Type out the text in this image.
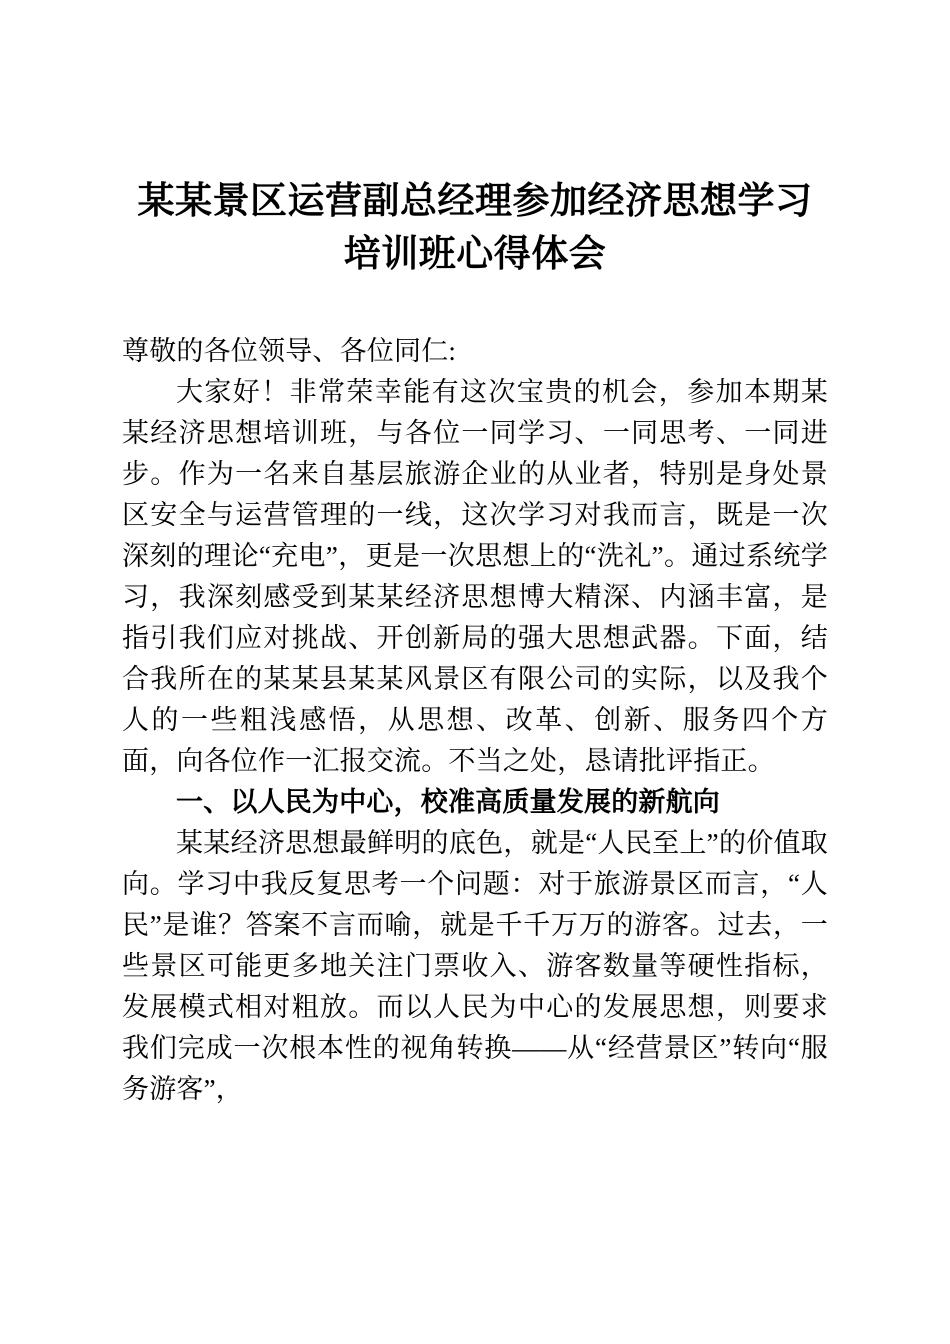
某某景区运营副总经理参加经济思想学习培训班心得体会

尊敬的各位领导、各位同仁:

大家好！非常荣幸能有这次宝贵的机会，参加本期某某经济思想培训班，与各位一同学习、一同思考、一同进步。作为一名来自基层旅游企业的从业者，特别是身处景区安全与运营管理的一线，这次学习对我而言，既是一次深刻的理论“充电”，更是一次思想上的“洗礼”。通过系统学习，我深刻感受到某某经济思想博大精深、内涵丰富，是指引我们应对挑战、开创新局的强大思想武器。下面，结合我所在的某某县某某风景区有限公司的实际，以及我个人的一些粗浅感悟，从思想、改革、创新、服务四个方面，向各位作一汇报交流。不当之处，恳请批评指正。

一、以人民为中心，校准高质量发展的新航向

某某经济思想最鲜明的底色，就是“人民至上”的价值取向。学习中我反复思考一个问题：对于旅游景区而言，“人民”是谁？答案不言而喻，就是千千万万的游客。过去，一些景区可能更多地关注门票收入、游客数量等硬性指标，发展模式相对粗放。而以人民为中心的发展思想，则要求我们完成一次根本性的视角转换——从“经营景区”转向“服务游客”，
